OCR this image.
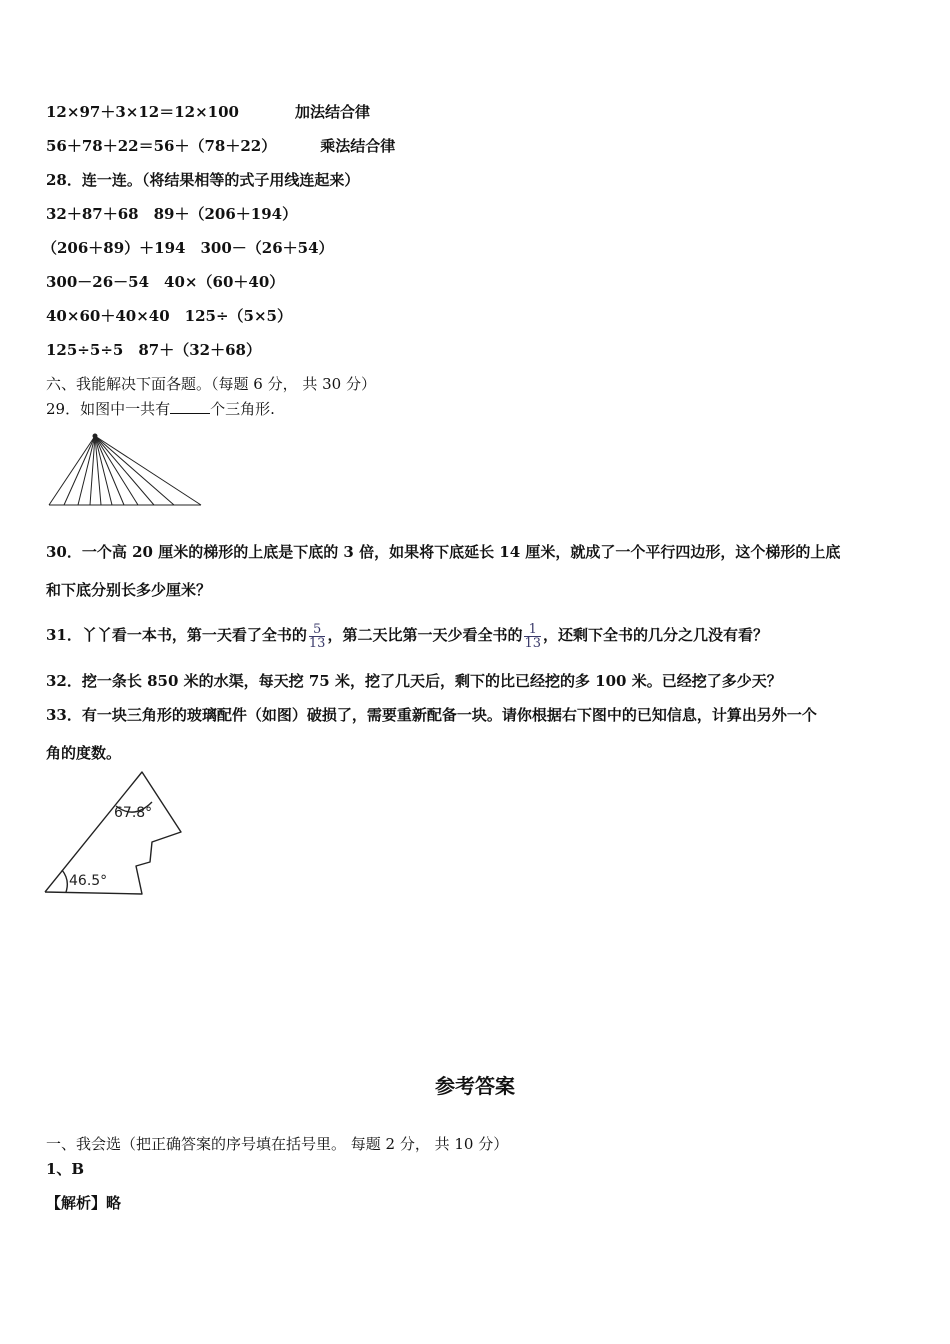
12×97＋3×12＝12×100	加法结合律
56＋78＋22＝56＋（78＋22）	乘法结合律
28．连一连。（将结果相等的式子用线连起来）
32＋87＋68　89＋（206＋194）
（206＋89）＋194　300－（26＋54）
300－26－54　40×（60＋40）
40×60＋40×40　125÷（5×5）
125÷5÷5　87＋（32＋68）
六、我能解决下面各题。（每题 6 分， 共 30 分）
29．如图中一共有	个三角形.
30．一个高 20 厘米的梯形的上底是下底的 3 倍，如果将下底延长 14 厘米，就成了一个平行四边形，这个梯形的上底
和下底分别长多少厘米？
31．丫丫看一本书，第一天看了全书的 $\frac{5}{13}$ ，第二天比第一天少看全书的 $\frac{1}{13}$ ，还剩下全书的几分之几没有看？
32．挖一条长 850 米的水渠，每天挖 75 米，挖了几天后，剩下的比已经挖的多 100 米。已经挖了多少天？
33．有一块三角形的玻璃配件（如图）破损了，需要重新配备一块。请你根据右下图中的已知信息，计算出另外一个
角的度数。
67.8°
46.5°
参考答案
一、我会选（把正确答案的序号填在括号里。 每题 2 分， 共 10 分）
1、B
【解析】略
